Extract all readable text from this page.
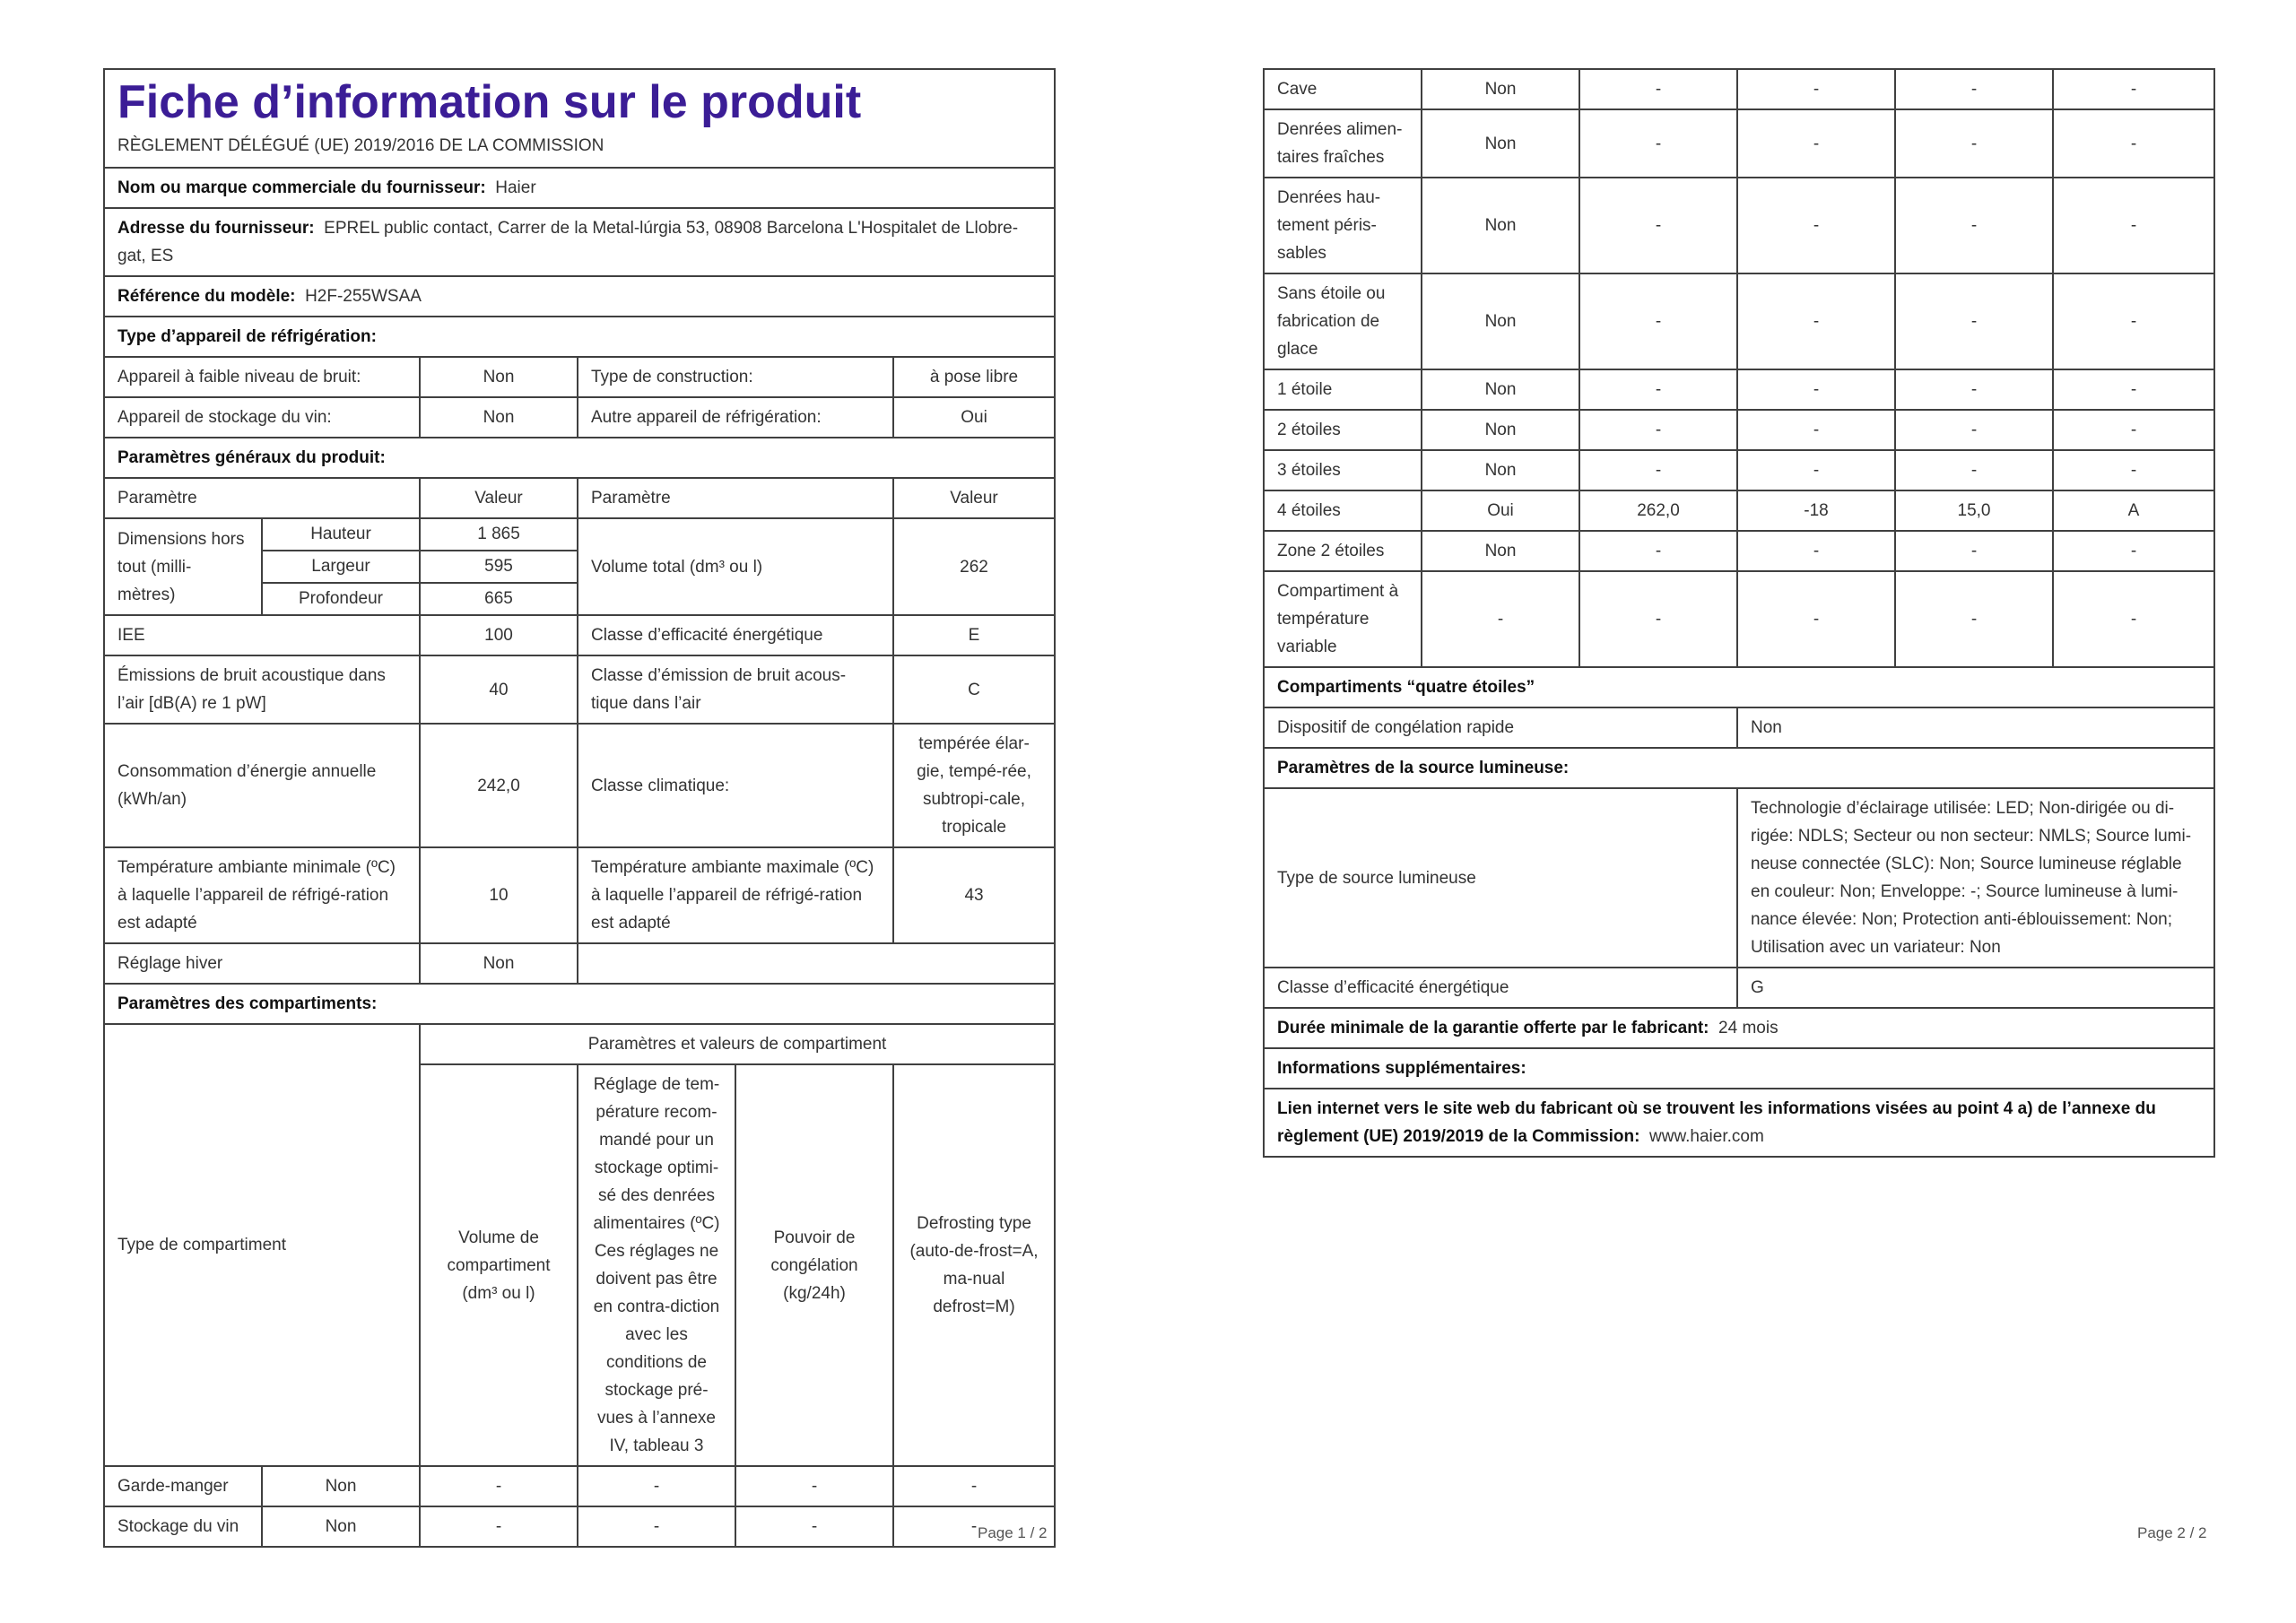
Fiche d’information sur le produit
RÈGLEMENT DÉLÉGUÉ (UE) 2019/2016 DE LA COMMISSION					

Nom ou marque commerciale du fournisseur: Haier					
Adresse du fournisseur: EPREL public contact, Carrer de la Metal-lúrgia 53, 08908 Barcelona L'Hospitalet de Llobre-gat, ES					
Référence du modèle: H2F-255WSAA					
Type d’appareil de réfrigération:					
Appareil à faible niveau de bruit:		Non	Type de construction:		à pose libre
Appareil de stockage du vin:		Non	Autre appareil de réfrigération:		Oui
Paramètres généraux du produit:					
Paramètre		Valeur	Paramètre		Valeur
Dimensions hors tout (milli-mètres)	Hauteur	1 865	Volume total (dm³ ou l)		262
	Largeur	595			
	Profondeur	665			
IEE		100	Classe d’efficacité énergétique		E
Émissions de bruit acoustique dans l’air [dB(A) re 1 pW]		40	Classe d’émission de bruit acous-tique dans l’air		C
Consommation d’énergie annuelle (kWh/an)		242,0	Classe climatique:		tempérée élar-gie, tempé-rée, subtropi-cale, tropicale
Température ambiante minimale (ºC) à laquelle l’appareil de réfrigé-ration est adapté		10	Température ambiante maximale (ºC) à laquelle l’appareil de réfrigé-ration est adapté		43
Réglage hiver		Non			
Paramètres des compartiments:					
Type de compartiment		Paramètres et valeurs de compartiment			
		Volume de compartiment (dm³ ou l)	Réglage de tem-pérature recom-mandé pour un stockage optimi-sé des denrées alimentaires (ºC) Ces réglages ne doivent pas être en contra-diction avec les conditions de stockage pré-vues à l’annexe IV, tableau 3	Pouvoir de congélation (kg/24h)	Defrosting type (auto-de-frost=A, ma-nual defrost=M)
Garde-manger	Non	-	-	-	-
Stockage du vin	Non	-	-	-	- Page 1 / 2
Cave	Non	-	-	-	-
Denrées alimen-taires fraîches	Non	-	-	-	-
Denrées hau-tement péris-sables	Non	-	-	-	-
Sans étoile ou fabrication de glace	Non	-	-	-	-
1 étoile	Non	-	-	-	-
2 étoiles	Non	-	-	-	-
3 étoiles	Non	-	-	-	-
4 étoiles	Oui	262,0	-18	15,0	A
Zone 2 étoiles	Non	-	-	-	-
Compartiment à température variable	-	-	-	-	-
Compartiments “quatre étoiles”					
Dispositif de congélation rapide			Non		
Paramètres de la source lumineuse:					
Type de source lumineuse			Technologie d’éclairage utilisée: LED; Non-dirigée ou di-rigée: NDLS; Secteur ou non secteur: NMLS; Source lumi-neuse connectée (SLC): Non; Source lumineuse réglable en couleur: Non; Enveloppe: -; Source lumineuse à lumi-nance élevée: Non; Protection anti-éblouissement: Non; Utilisation avec un variateur: Non		
Classe d’efficacité énergétique			G		
Durée minimale de la garantie offerte par le fabricant: 24 mois					
Informations supplémentaires:					
Lien internet vers le site web du fabricant où se trouvent les informations visées au point 4 a) de l’annexe du règlement (UE) 2019/2019 de la Commission: www.haier.com					
Page 2 / 2
